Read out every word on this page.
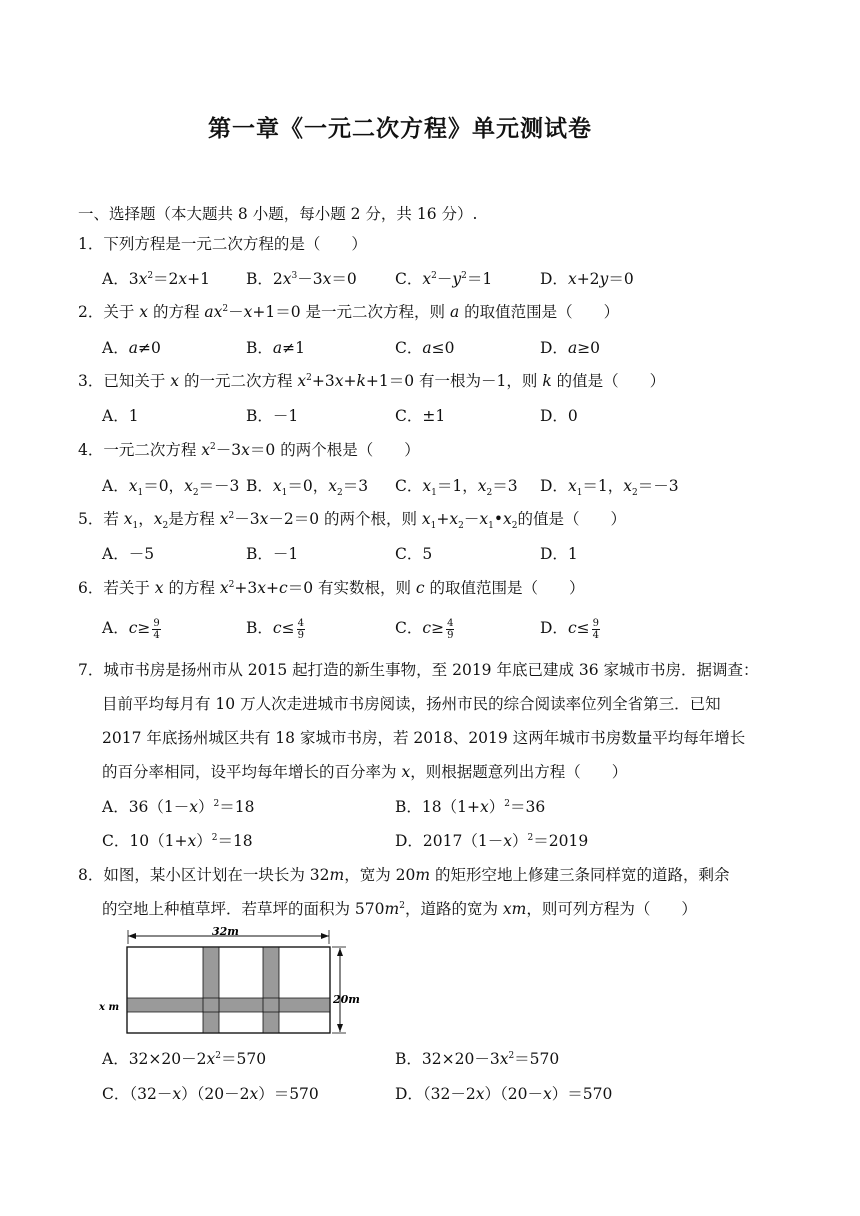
第一章《一元二次方程》单元测试卷
一、选择题（本大题共 8 小题，每小题 2 分，共 16 分）.
1．下列方程是一元二次方程的是（　　）
A．$3x^2=2x+1$ B．$2x^3-3x=0$ C．$x^2-y^2=1$	D．x+2y＝0
2．关于 x 的方程 $ax^2-x+1=0$ 是一元二次方程，则 a 的取值范围是（　　）
A．a≠0	B．a≠1	C．a≤0	D．a≥0
3．已知关于 x 的一元二次方程 $x^2+3x+k+1=0$ 有一根为－1，则 k 的值是（　　）
A．1	B．－1	C．±1	D．0
4．一元二次方程 $x^2-3x=0$ 的两个根是（　　）
A．$x_1=0$，$x_2=-3$ B．$x_1=0$，$x_2=3$ C．$x_1=1$，$x_2=3$ D．$x_1=1$，$x_2=-3$
5．若 $x_1$，$x_2$是方程 $x^2-3x-2=0$ 的两个根，则 $x_1+x_2-x_1•x_2$的值是（　　）
A．－5	B．－1	C．5	D．1
6．若关于 x 的方程 $x^2+3x+c=0$ 有实数根，则 c 的取值范围是（　　）
A．$c\ge \frac{9}{4}$	B．$c\le \frac{4}{9}$	C．$c\ge \frac{4}{9}$	D．$c\le \frac{9}{4}$
7．城市书房是扬州市从 2015 起打造的新生事物，至 2019 年底已建成 36 家城市书房．据调查：
目前平均每月有 10 万人次走进城市书房阅读，扬州市民的综合阅读率位列全省第三．已知
2017 年底扬州城区共有 18 家城市书房，若 2018、2019 这两年城市书房数量平均每年增长
的百分率相同，设平均每年增长的百分率为 x，则根据题意列出方程（　　）
A．$36(1-x)^2=18$	B．$18(1+x)^2=36$
C．$10(1+x)^2=18$	D．$2017(1-x)^2=2019$
8．如图，某小区计划在一块长为 32m，宽为 20m 的矩形空地上修建三条同样宽的道路，剩余
的空地上种植草坪．若草坪的面积为 $570m^2$，道路的宽为 xm，则可列方程为（　　）
32m
20m
x m
A．$32\times 20-2x^2=570$	B．$32\times 20-3x^2=570$
C．（32－x）（20－2x）＝570	D．（32－2x）（20－x）＝570
